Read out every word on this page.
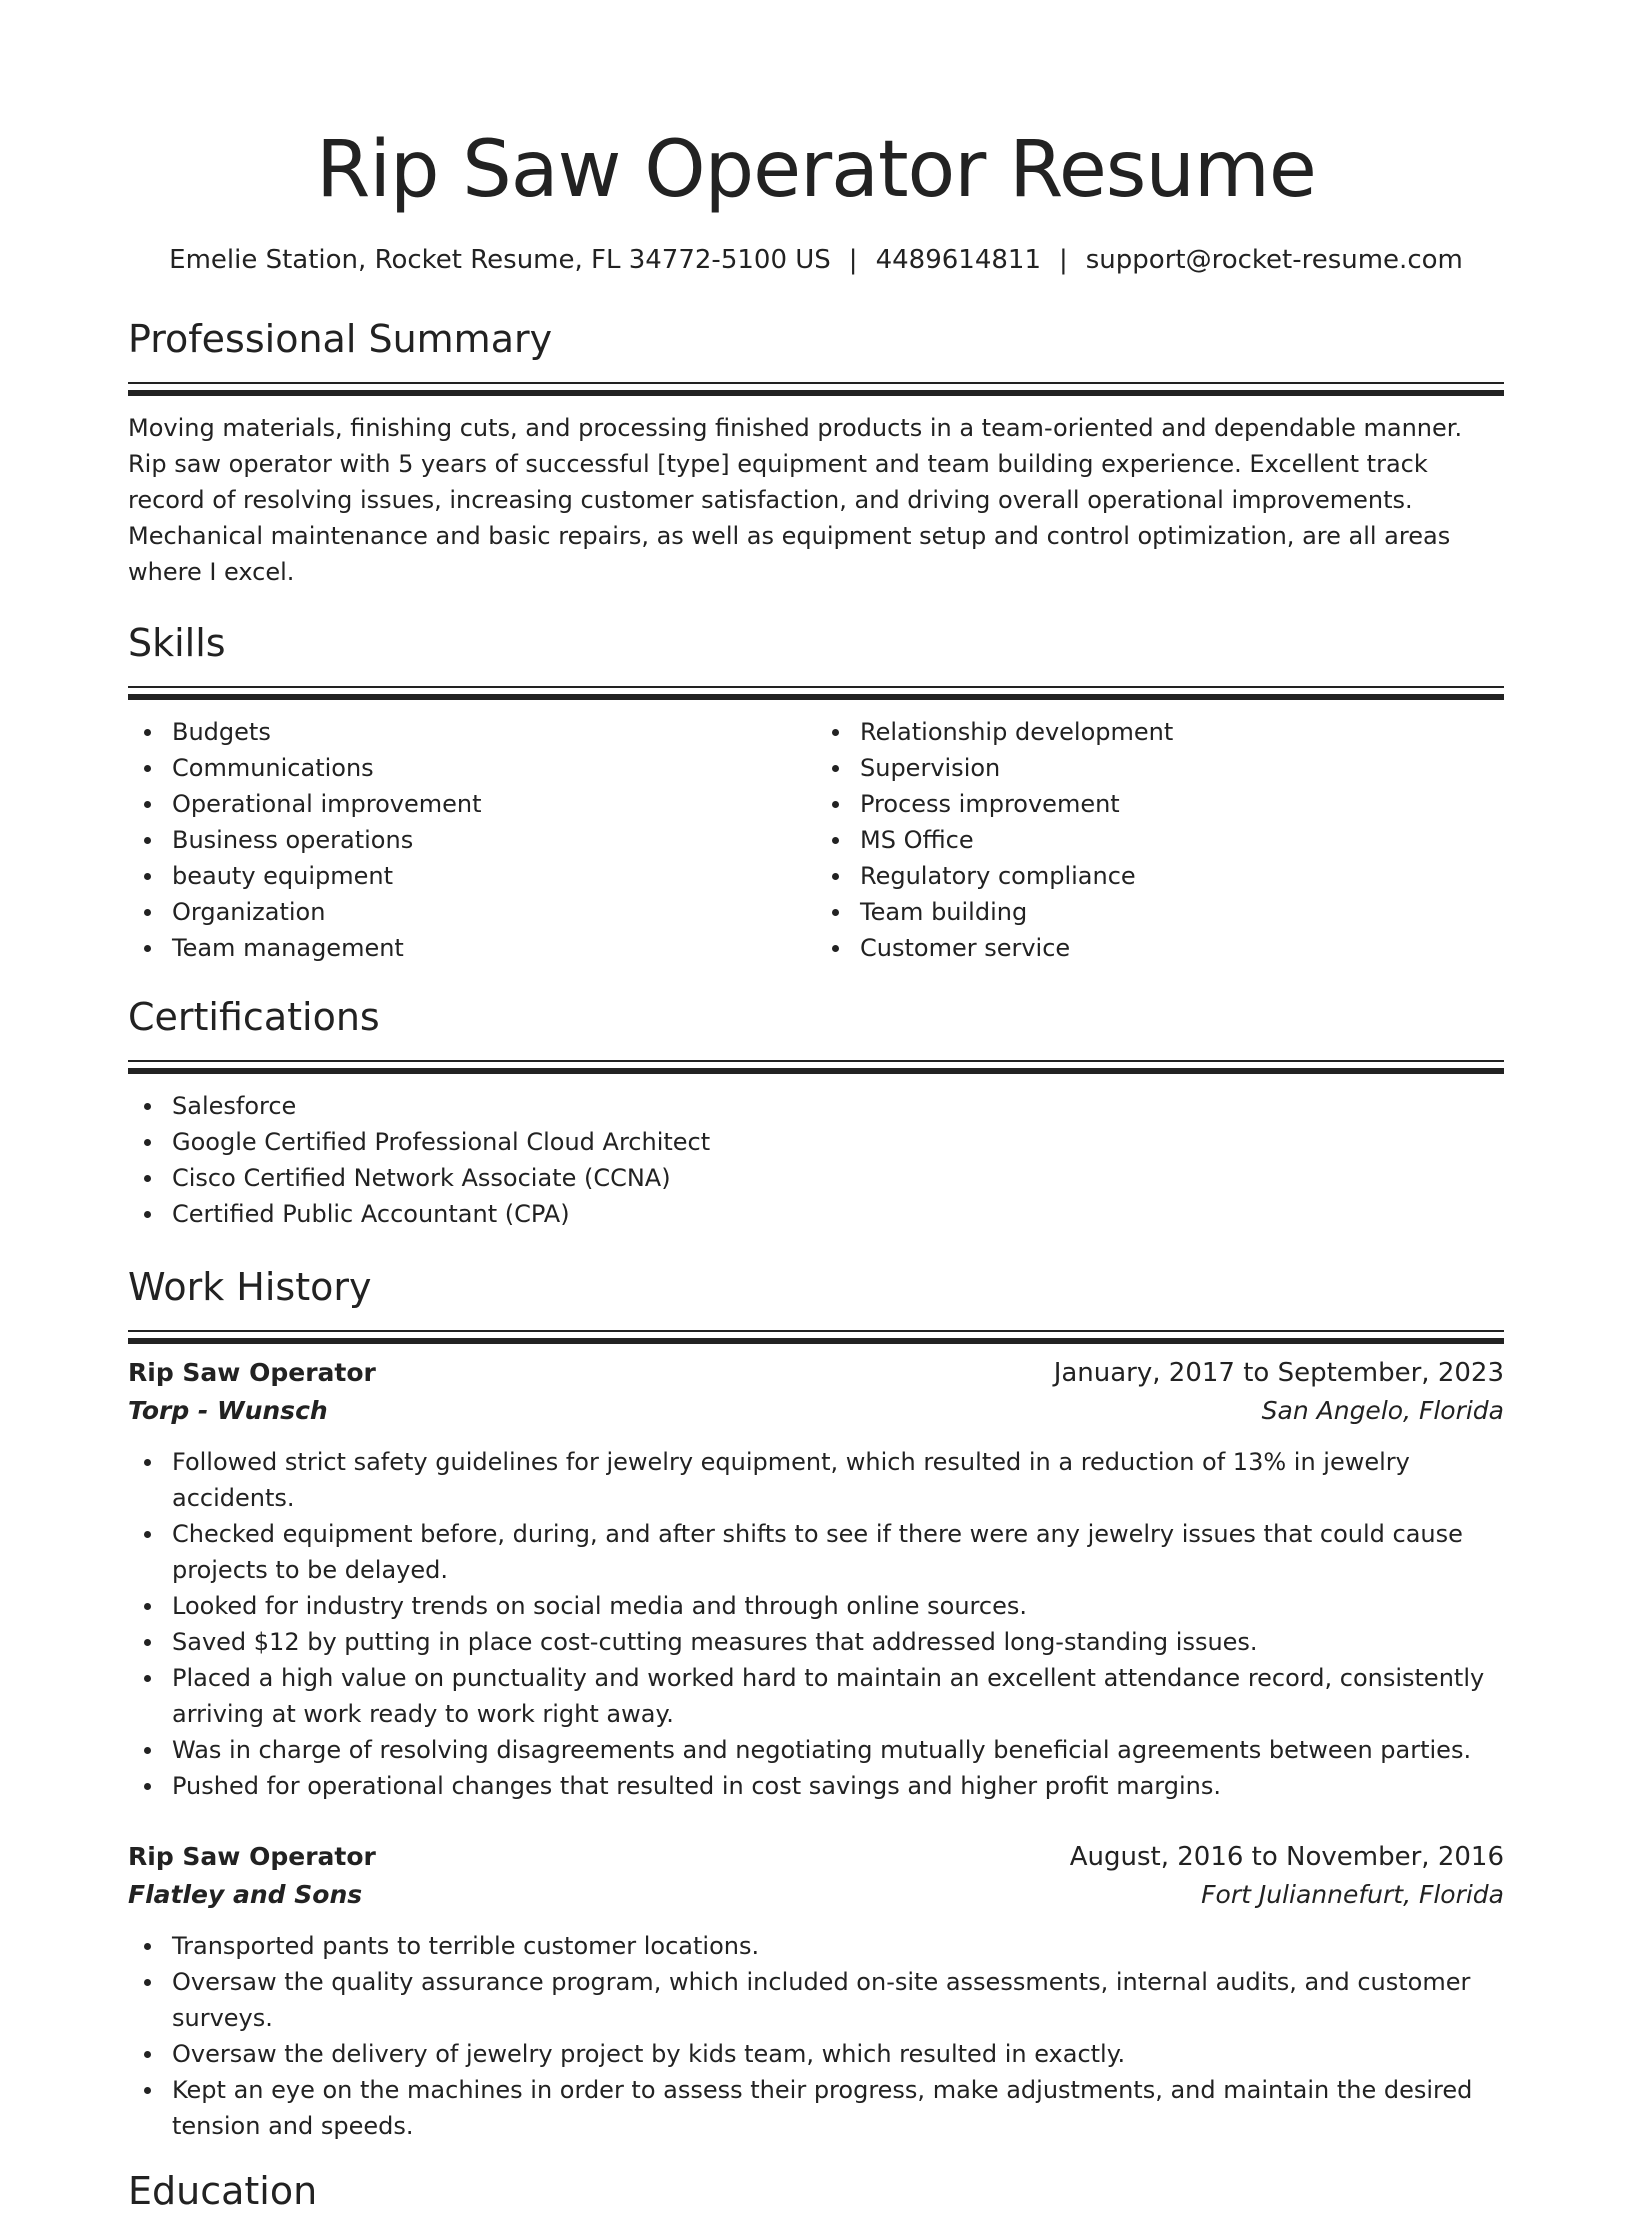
Rip Saw Operator Resume
Emelie Station, Rocket Resume, FL 34772-5100 US | 4489614811 | support@rocket-resume.com
Professional Summary

Moving materials, finishing cuts, and processing finished products in a team-oriented and dependable manner. Rip saw operator with 5 years of successful [type] equipment and team building experience. Excellent track record of resolving issues, increasing customer satisfaction, and driving overall operational improvements. Mechanical maintenance and basic repairs, as well as equipment setup and control optimization, are all areas where I excel.

Skills
Budgets
Communications
Operational improvement
Business operations
beauty equipment
Organization
Team management
Relationship development
Supervision
Process improvement
MS Office
Regulatory compliance
Team building
Customer service
Certifications
Salesforce
Google Certified Professional Cloud Architect
Cisco Certified Network Associate (CCNA)
Certified Public Accountant (CPA)
Work History
Rip Saw Operator	January, 2017 to September, 2023
Torp - Wunsch	San Angelo, Florida
Followed strict safety guidelines for jewelry equipment, which resulted in a reduction of 13% in jewelry accidents.
Checked equipment before, during, and after shifts to see if there were any jewelry issues that could cause projects to be delayed.
Looked for industry trends on social media and through online sources.
Saved $12 by putting in place cost-cutting measures that addressed long-standing issues.
Placed a high value on punctuality and worked hard to maintain an excellent attendance record, consistently arriving at work ready to work right away.
Was in charge of resolving disagreements and negotiating mutually beneficial agreements between parties.
Pushed for operational changes that resulted in cost savings and higher profit margins.
Rip Saw Operator	August, 2016 to November, 2016
Flatley and Sons	Fort Juliannefurt, Florida
Transported pants to terrible customer locations.
Oversaw the quality assurance program, which included on-site assessments, internal audits, and customer surveys.
Oversaw the delivery of jewelry project by kids team, which resulted in exactly.
Kept an eye on the machines in order to assess their progress, make adjustments, and maintain the desired tension and speeds.
Education
